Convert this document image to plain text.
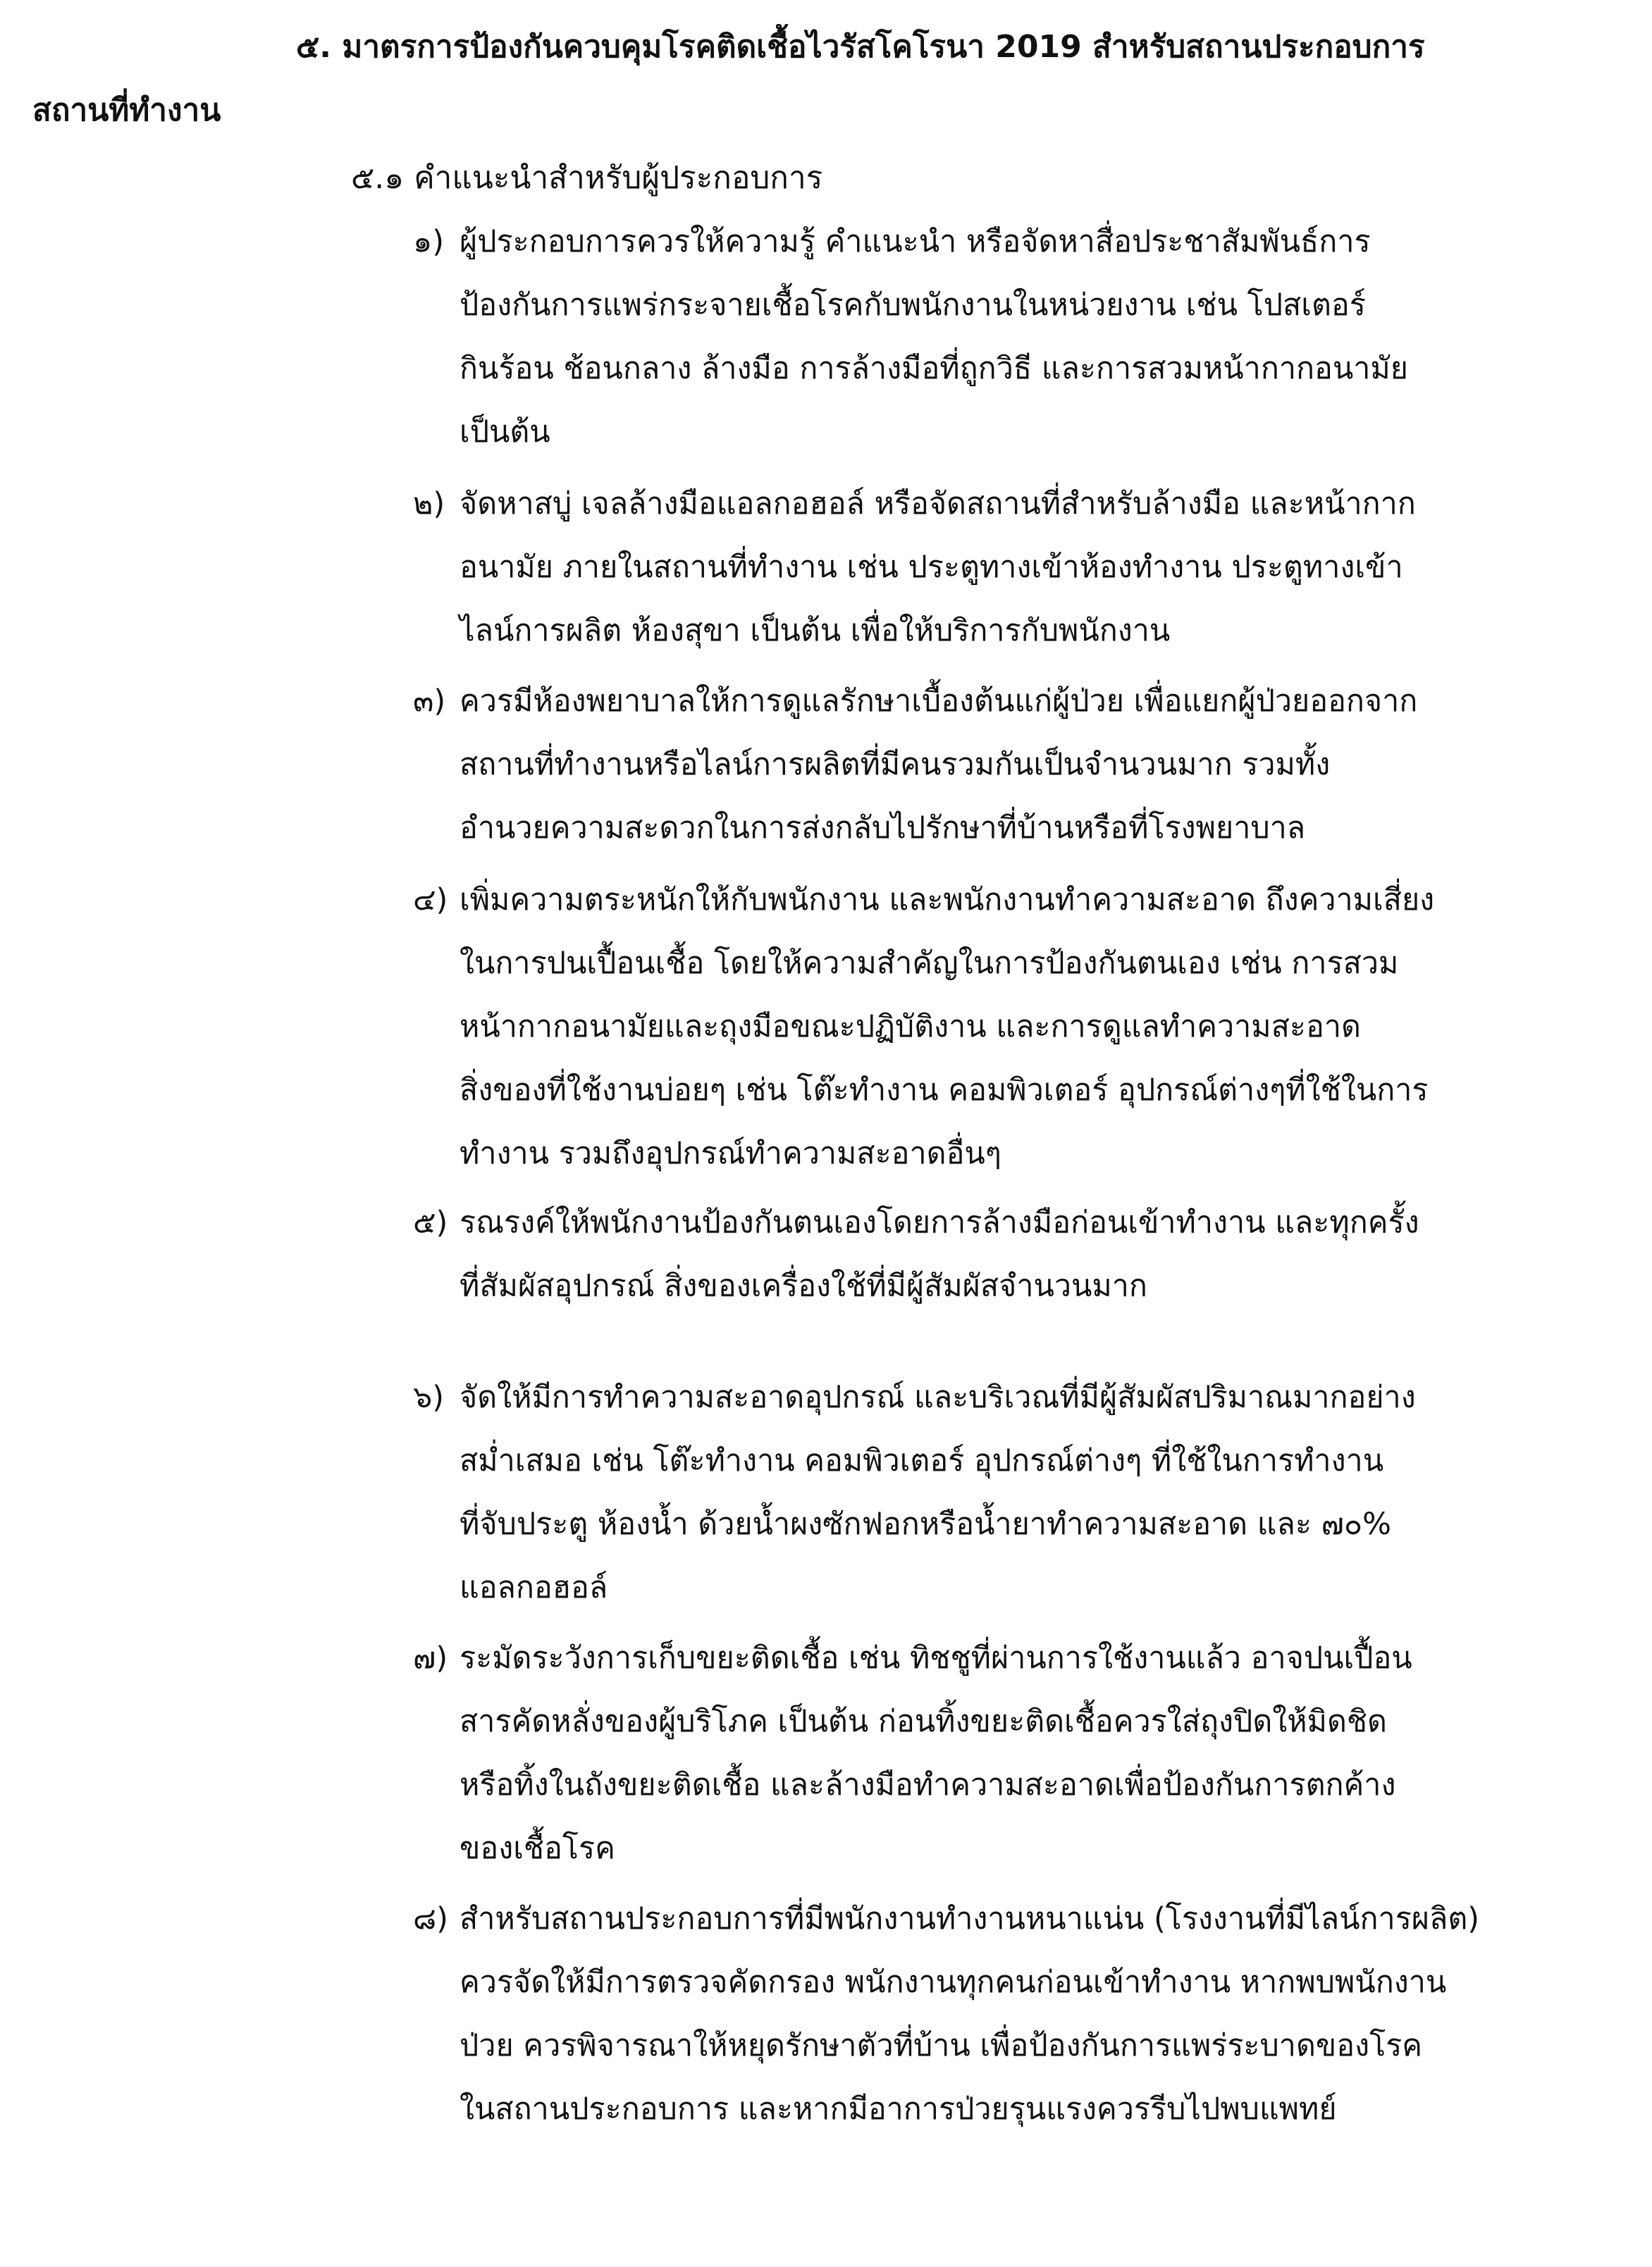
๕. มาตรการป้องกันควบคุมโรคติดเชื้อไวรัสโคโรนา 2019 สำหรับสถานประกอบการ
สถานที่ทำงาน
๕.๑ คำแนะนำสำหรับผู้ประกอบการ
๑) ผู้ประกอบการควรให้ความรู้ คำแนะนำ หรือจัดหาสื่อประชาสัมพันธ์การ
ป้องกันการแพร่กระจายเชื้อโรคกับพนักงานในหน่วยงาน เช่น โปสเตอร์
กินร้อน ช้อนกลาง ล้างมือ การล้างมือที่ถูกวิธี และการสวมหน้ากากอนามัย
เป็นต้น
๒) จัดหาสบู่ เจลล้างมือแอลกอฮอล์ หรือจัดสถานที่สำหรับล้างมือ และหน้ากาก
อนามัย ภายในสถานที่ทำงาน เช่น ประตูทางเข้าห้องทำงาน ประตูทางเข้า
ไลน์การผลิต ห้องสุขา เป็นต้น เพื่อให้บริการกับพนักงาน
๓) ควรมีห้องพยาบาลให้การดูแลรักษาเบื้องต้นแก่ผู้ป่วย เพื่อแยกผู้ป่วยออกจาก
สถานที่ทำงานหรือไลน์การผลิตที่มีคนรวมกันเป็นจำนวนมาก รวมทั้ง
อำนวยความสะดวกในการส่งกลับไปรักษาที่บ้านหรือที่โรงพยาบาล
๔) เพิ่มความตระหนักให้กับพนักงาน และพนักงานทำความสะอาด ถึงความเสี่ยง
ในการปนเปื้อนเชื้อ โดยให้ความสำคัญในการป้องกันตนเอง เช่น การสวม
หน้ากากอนามัยและถุงมือขณะปฏิบัติงาน และการดูแลทำความสะอาด
สิ่งของที่ใช้งานบ่อยๆ เช่น โต๊ะทำงาน คอมพิวเตอร์ อุปกรณ์ต่างๆที่ใช้ในการ
ทำงาน รวมถึงอุปกรณ์ทำความสะอาดอื่นๆ
๕) รณรงค์ให้พนักงานป้องกันตนเองโดยการล้างมือก่อนเข้าทำงาน และทุกครั้ง
ที่สัมผัสอุปกรณ์ สิ่งของเครื่องใช้ที่มีผู้สัมผัสจำนวนมาก
๖) จัดให้มีการทำความสะอาดอุปกรณ์ และบริเวณที่มีผู้สัมผัสปริมาณมากอย่าง
สม่ำเสมอ เช่น โต๊ะทำงาน คอมพิวเตอร์ อุปกรณ์ต่างๆ ที่ใช้ในการทำงาน
ที่จับประตู ห้องน้ำ ด้วยน้ำผงซักฟอกหรือน้ำยาทำความสะอาด และ ๗๐%
แอลกอฮอล์
๗) ระมัดระวังการเก็บขยะติดเชื้อ เช่น ทิชชูที่ผ่านการใช้งานแล้ว อาจปนเปื้อน
สารคัดหลั่งของผู้บริโภค เป็นต้น ก่อนทิ้งขยะติดเชื้อควรใส่ถุงปิดให้มิดชิด
หรือทิ้งในถังขยะติดเชื้อ และล้างมือทำความสะอาดเพื่อป้องกันการตกค้าง
ของเชื้อโรค
๘) สำหรับสถานประกอบการที่มีพนักงานทำงานหนาแน่น (โรงงานที่มีไลน์การผลิต)
ควรจัดให้มีการตรวจคัดกรอง พนักงานทุกคนก่อนเข้าทำงาน หากพบพนักงาน
ป่วย ควรพิจารณาให้หยุดรักษาตัวที่บ้าน เพื่อป้องกันการแพร่ระบาดของโรค
ในสถานประกอบการ และหากมีอาการป่วยรุนแรงควรรีบไปพบแพทย์
